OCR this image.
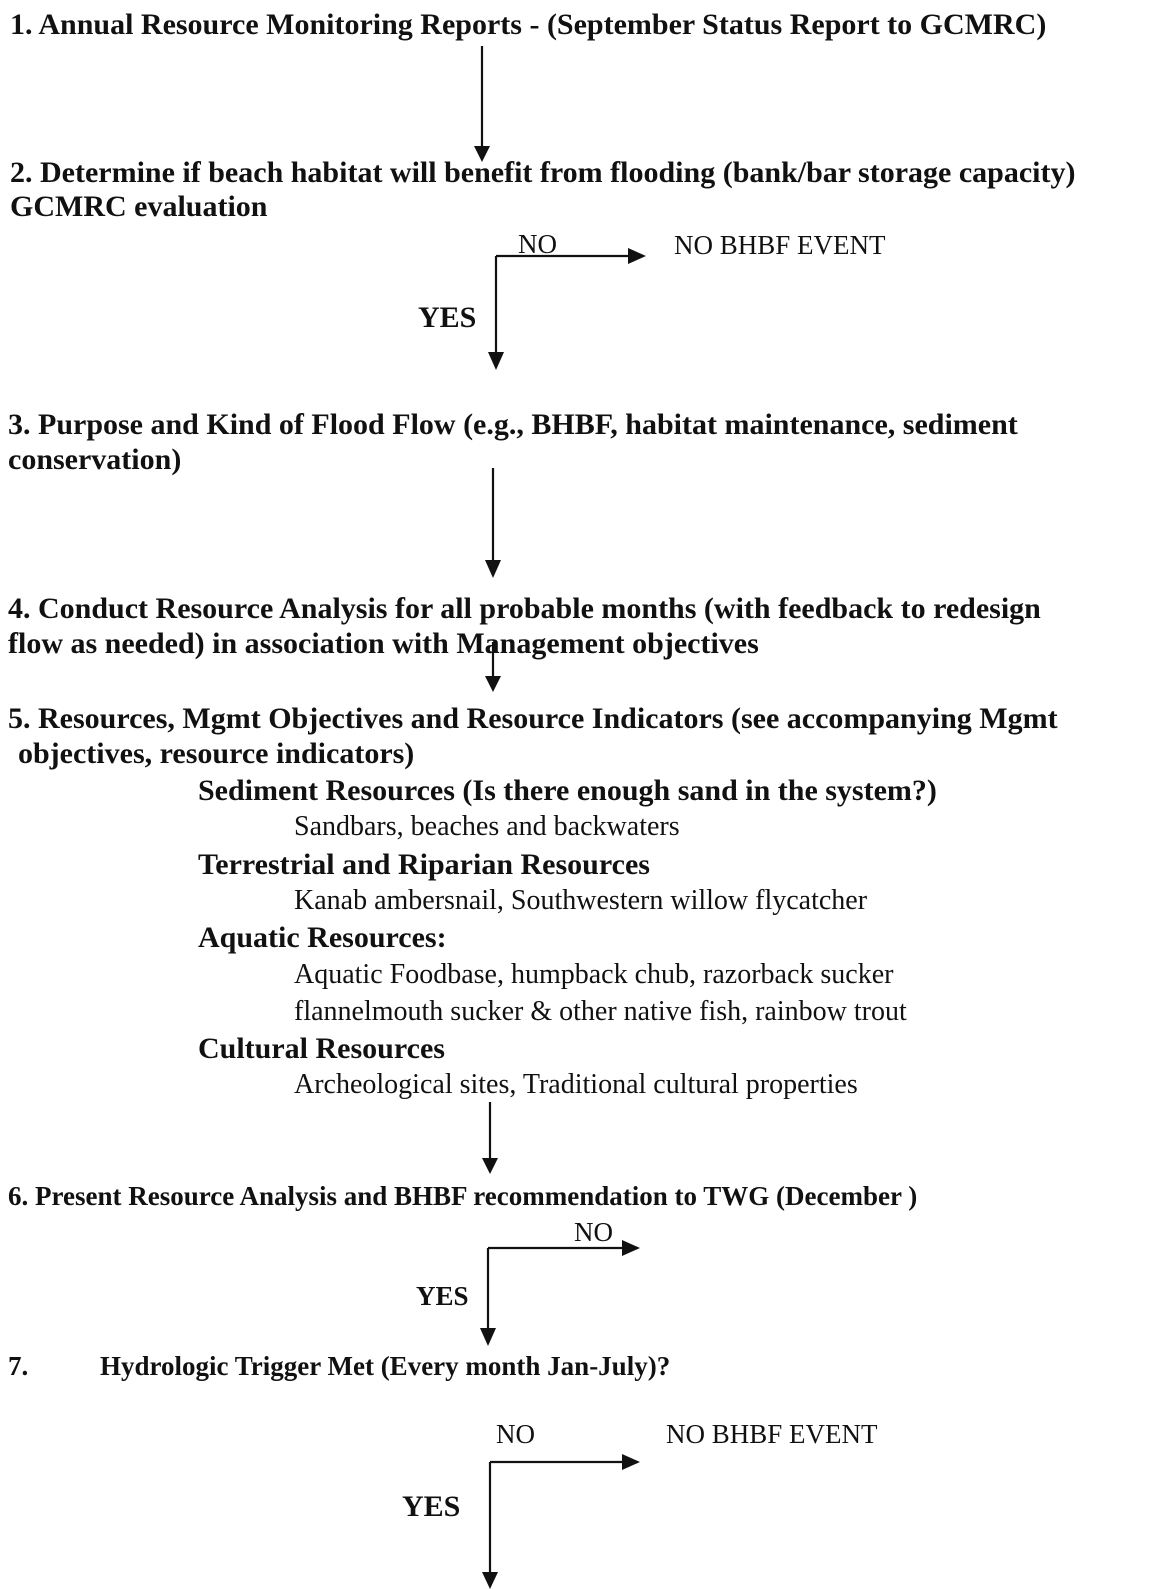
1. Annual Resource Monitoring Reports - (September Status Report to GCMRC)
2. Determine if beach habitat will benefit from flooding (bank/bar storage capacity)
GCMRC evaluation
NO	NO BHBF EVENT
YES
3. Purpose and Kind of Flood Flow (e.g., BHBF, habitat maintenance, sediment
conservation)
4. Conduct Resource Analysis for all probable months (with feedback to redesign
flow as needed) in association with Management objectives
5. Resources, Mgmt Objectives and Resource Indicators (see accompanying Mgmt
objectives, resource indicators)
Sediment Resources (Is there enough sand in the system?)
Sandbars, beaches and backwaters
Terrestrial and Riparian Resources
Kanab ambersnail, Southwestern willow flycatcher
Aquatic Resources:
Aquatic Foodbase, humpback chub, razorback sucker
flannelmouth sucker & other native fish, rainbow trout
Cultural Resources
Archeological sites, Traditional cultural properties
6. Present Resource Analysis and BHBF recommendation to TWG (December )
NO
YES
7.	Hydrologic Trigger Met (Every month Jan-July)?
NO	NO BHBF EVENT
YES
